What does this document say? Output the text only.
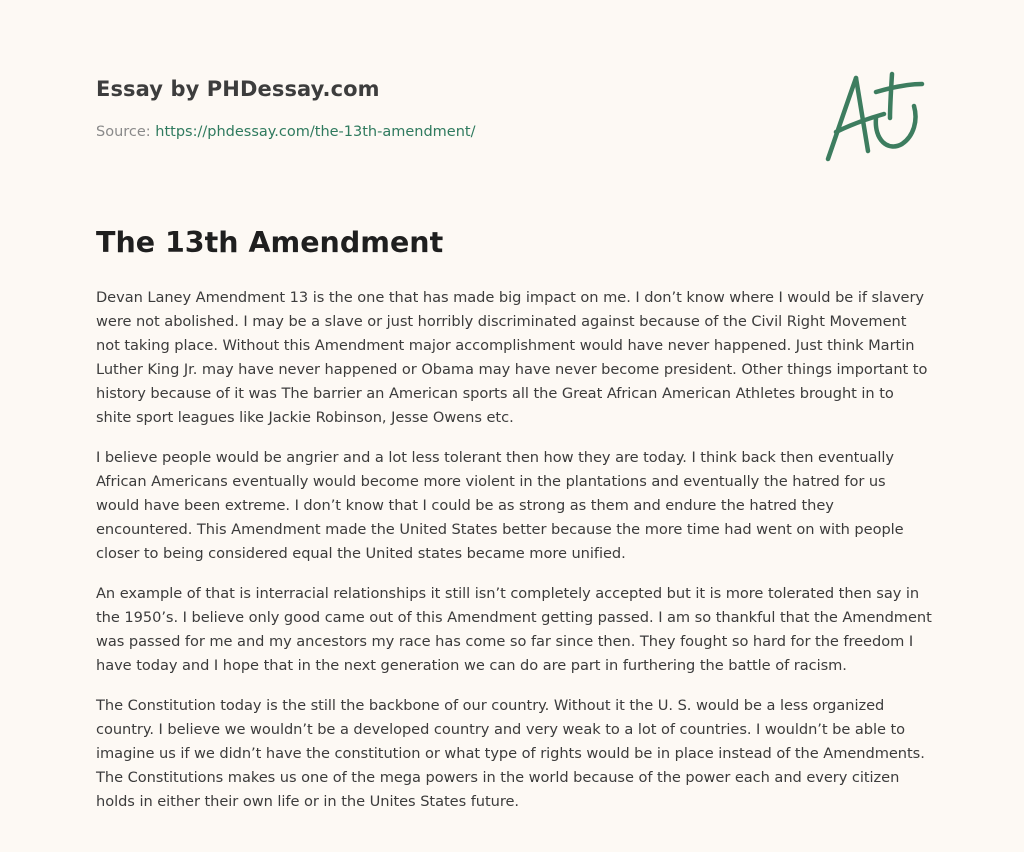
Essay by PHDessay.com
Source: https://phdessay.com/the-13th-amendment/
The 13th Amendment

Devan Laney Amendment 13 is the one that has made big impact on me. I don’t know where I would be if slavery were not abolished. I may be a slave or just horribly discriminated against because of the Civil Right Movement not taking place. Without this Amendment major accomplishment would have never happened. Just think Martin Luther King Jr. may have never happened or Obama may have never become president. Other things important to history because of it was The barrier an American sports all the Great African American Athletes brought in to shite sport leagues like Jackie Robinson, Jesse Owens etc.

I believe people would be angrier and a lot less tolerant then how they are today. I think back then eventually African Americans eventually would become more violent in the plantations and eventually the hatred for us would have been extreme. I don’t know that I could be as strong as them and endure the hatred they encountered. This Amendment made the United States better because the more time had went on with people closer to being considered equal the United states became more unified.

An example of that is interracial relationships it still isn’t completely accepted but it is more tolerated then say in the 1950’s. I believe only good came out of this Amendment getting passed. I am so thankful that the Amendment was passed for me and my ancestors my race has come so far since then. They fought so hard for the freedom I have today and I hope that in the next generation we can do are part in furthering the battle of racism.

The Constitution today is the still the backbone of our country. Without it the U. S. would be a less organized country. I believe we wouldn’t be a developed country and very weak to a lot of countries. I wouldn’t be able to imagine us if we didn’t have the constitution or what type of rights would be in place instead of the Amendments. The Constitutions makes us one of the mega powers in the world because of the power each and every citizen holds in either their own life or in the Unites States future.
